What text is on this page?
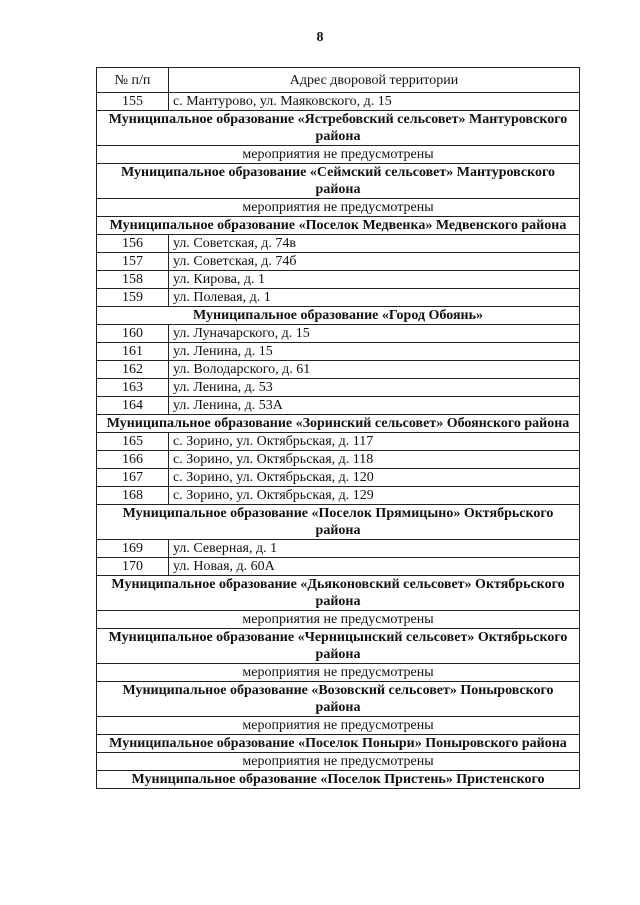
8
№ п/п	Адрес дворовой территории
155	с. Мантурово, ул. Маяковского, д. 15
Муниципальное образование «Ястребовский сельсовет» Мантуровского района	
мероприятия не предусмотрены	
Муниципальное образование «Сеймский сельсовет» Мантуровского района	
мероприятия не предусмотрены	
Муниципальное образование «Поселок Медвенка» Медвенского района	
156	ул. Советская, д. 74в
157	ул. Советская, д. 74б
158	ул. Кирова, д. 1
159	ул. Полевая, д. 1
Муниципальное образование «Город Обоянь»	
160	ул. Луначарского, д. 15
161	ул. Ленина, д. 15
162	ул. Володарского, д. 61
163	ул. Ленина, д. 53
164	ул. Ленина, д. 53А
Муниципальное образование «Зоринский сельсовет» Обоянского района	
165	с. Зорино, ул. Октябрьская, д. 117
166	с. Зорино, ул. Октябрьская, д. 118
167	с. Зорино, ул. Октябрьская, д. 120
168	с. Зорино, ул. Октябрьская, д. 129
Муниципальное образование «Поселок Прямицыно» Октябрьского района	
169	ул. Северная, д. 1
170	ул. Новая, д. 60А
Муниципальное образование «Дьяконовский сельсовет» Октябрьского района	
мероприятия не предусмотрены	
Муниципальное образование «Черницынский сельсовет» Октябрьского района	
мероприятия не предусмотрены	
Муниципальное образование «Возовский сельсовет» Поныровского района	
мероприятия не предусмотрены	
Муниципальное образование «Поселок Поныри» Поныровского района	
мероприятия не предусмотрены	
Муниципальное образование «Поселок Пристень» Пристенского	
